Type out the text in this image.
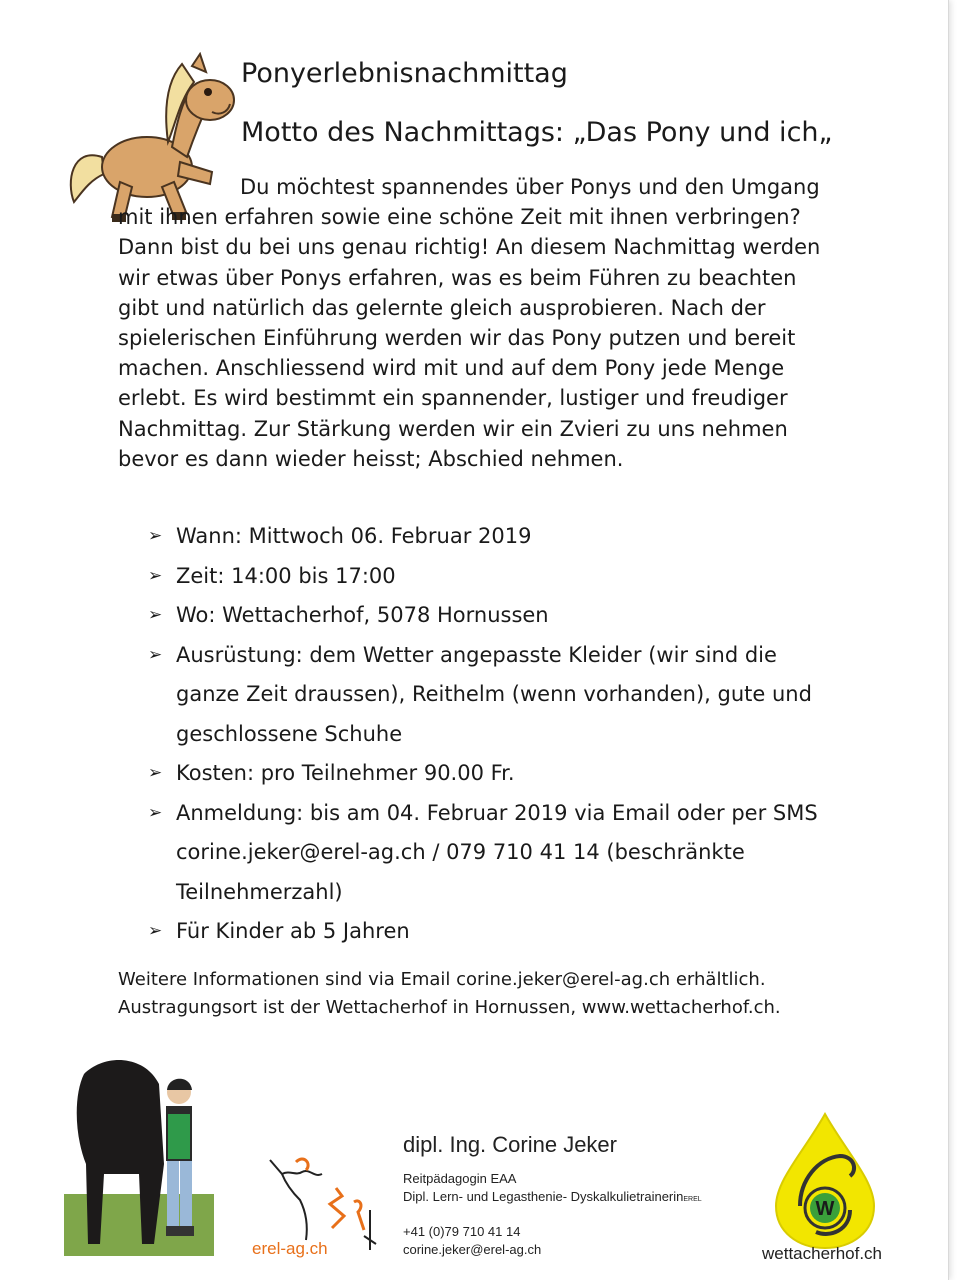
Ponyerlebnisnachmittag
Motto des Nachmittags: „Das Pony und ich„

Du möchtest spannendes über Ponys und den Umgang mit ihnen erfahren sowie eine schöne Zeit mit ihnen verbringen? Dann bist du bei uns genau richtig! An diesem Nachmittag werden wir etwas über Ponys erfahren, was es beim Führen zu beachten gibt und natürlich das gelernte gleich ausprobieren. Nach der spielerischen Einführung werden wir das Pony putzen und bereit machen. Anschliessend wird mit und auf dem Pony jede Menge erlebt. Es wird bestimmt ein spannender, lustiger und freudiger Nachmittag. Zur Stärkung werden wir ein Zvieri zu uns nehmen bevor es dann wieder heisst; Abschied nehmen.

➢ Wann: Mittwoch 06. Februar 2019
➢ Zeit: 14:00 bis 17:00
➢ Wo: Wettacherhof, 5078 Hornussen
➢ Ausrüstung: dem Wetter angepasste Kleider (wir sind die ganze Zeit draussen), Reithelm (wenn vorhanden), gute und geschlossene Schuhe
➢ Kosten: pro Teilnehmer 90.00 Fr.
➢ Anmeldung: bis am 04. Februar 2019 via Email oder per SMS corine.jeker@erel-ag.ch / 079 710 41 14 (beschränkte Teilnehmerzahl)
➢ Für Kinder ab 5 Jahren

Weitere Informationen sind via Email corine.jeker@erel-ag.ch erhältlich.
Austragungsort ist der Wettacherhof in Hornussen, www.wettacherhof.ch.

erel-ag.ch
dipl. Ing. Corine Jeker
Reitpädagogin EAA
Dipl. Lern- und Legasthenie- DyskalkulietrainerinEREL
+41 (0)79 710 41 14
corine.jeker@erel-ag.ch
W
wettacherhof.ch
